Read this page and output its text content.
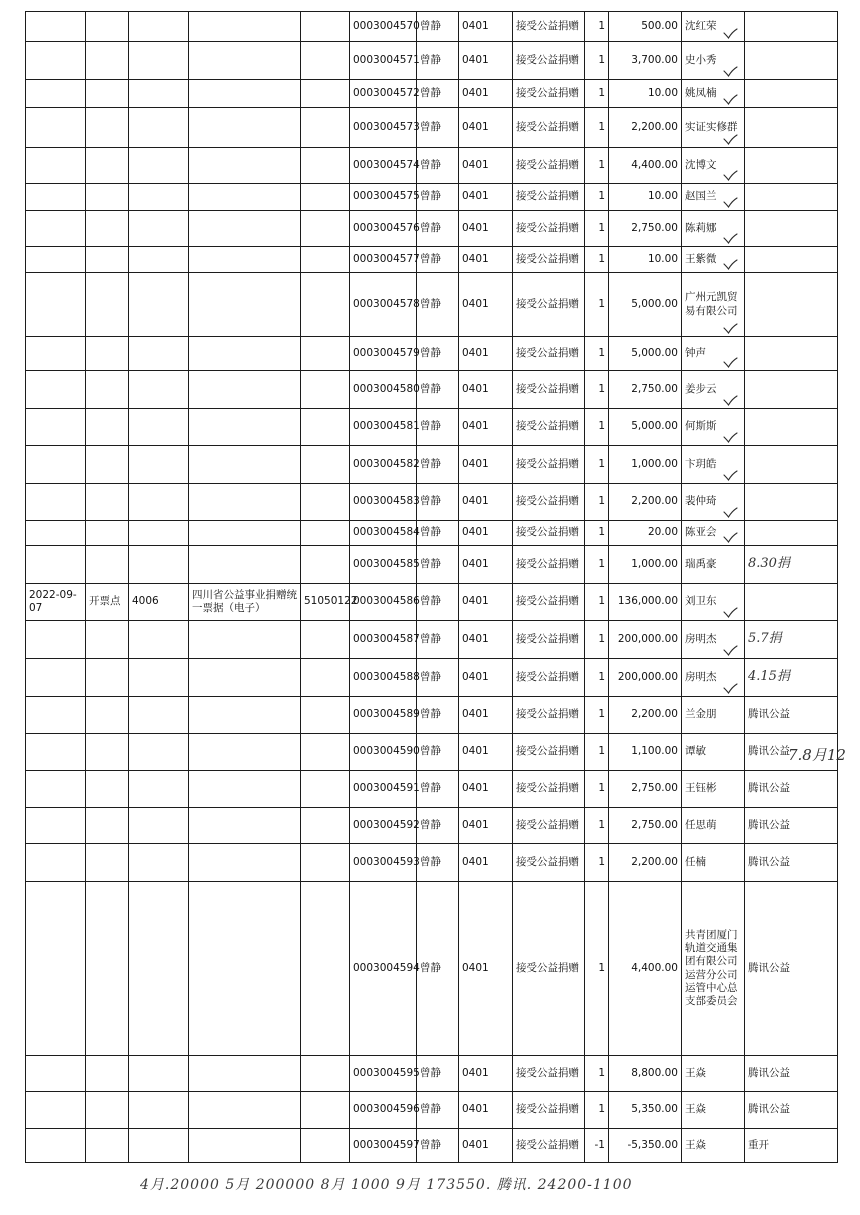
					0003004570	曾静	0401	接受公益捐赠	1	500.00	沈红荣

					0003004571	曾静	0401	接受公益捐赠	1	3,700.00	史小秀

					0003004572	曾静	0401	接受公益捐赠	1	10.00	姚凤楠

					0003004573	曾静	0401	接受公益捐赠	1	2,200.00	实证实修群

					0003004574	曾静	0401	接受公益捐赠	1	4,400.00	沈博文

					0003004575	曾静	0401	接受公益捐赠	1	10.00	赵国兰

					0003004576	曾静	0401	接受公益捐赠	1	2,750.00	陈莉娜

					0003004577	曾静	0401	接受公益捐赠	1	10.00	王紫微

					0003004578	曾静	0401	接受公益捐赠	1	5,000.00	广州元凯贸易有限公司

					0003004579	曾静	0401	接受公益捐赠	1	5,000.00	钟声

					0003004580	曾静	0401	接受公益捐赠	1	2,750.00	姜步云

					0003004581	曾静	0401	接受公益捐赠	1	5,000.00	何斯斯

					0003004582	曾静	0401	接受公益捐赠	1	1,000.00	卞玥皓

					0003004583	曾静	0401	接受公益捐赠	1	2,200.00	裴仲琦

					0003004584	曾静	0401	接受公益捐赠	1	20.00	陈亚会

					0003004585	曾静	0401	接受公益捐赠	1	1,000.00	瑞禹豪	8.30捐
2022-09-07	开票点	4006	四川省公益事业捐赠统一票据（电子）	51050122	0003004586	曾静	0401	接受公益捐赠	1	136,000.00	刘卫东

					0003004587	曾静	0401	接受公益捐赠	1	200,000.00	房明杰	5.7捐
					0003004588	曾静	0401	接受公益捐赠	1	200,000.00	房明杰	4.15捐
					0003004589	曾静	0401	接受公益捐赠	1	2,200.00	兰金朋	腾讯公益
					0003004590	曾静	0401	接受公益捐赠	1	1,100.00	谭敏	腾讯公益
					0003004591	曾静	0401	接受公益捐赠	1	2,750.00	王钰彬	腾讯公益
					0003004592	曾静	0401	接受公益捐赠	1	2,750.00	任思萌	腾讯公益
					0003004593	曾静	0401	接受公益捐赠	1	2,200.00	任楠	腾讯公益
					0003004594	曾静	0401	接受公益捐赠	1	4,400.00	共青团厦门轨道交通集团有限公司运营分公司运管中心总支部委员会	腾讯公益
					0003004595	曾静	0401	接受公益捐赠	1	8,800.00	王焱	腾讯公益
					0003004596	曾静	0401	接受公益捐赠	1	5,350.00	王焱	腾讯公益
					0003004597	曾静	0401	接受公益捐赠	-1	-5,350.00	王焱	重开
7.8月12
4月.20000 5月 200000 8月 1000 9月 173550. 腾讯. 24200-1100
